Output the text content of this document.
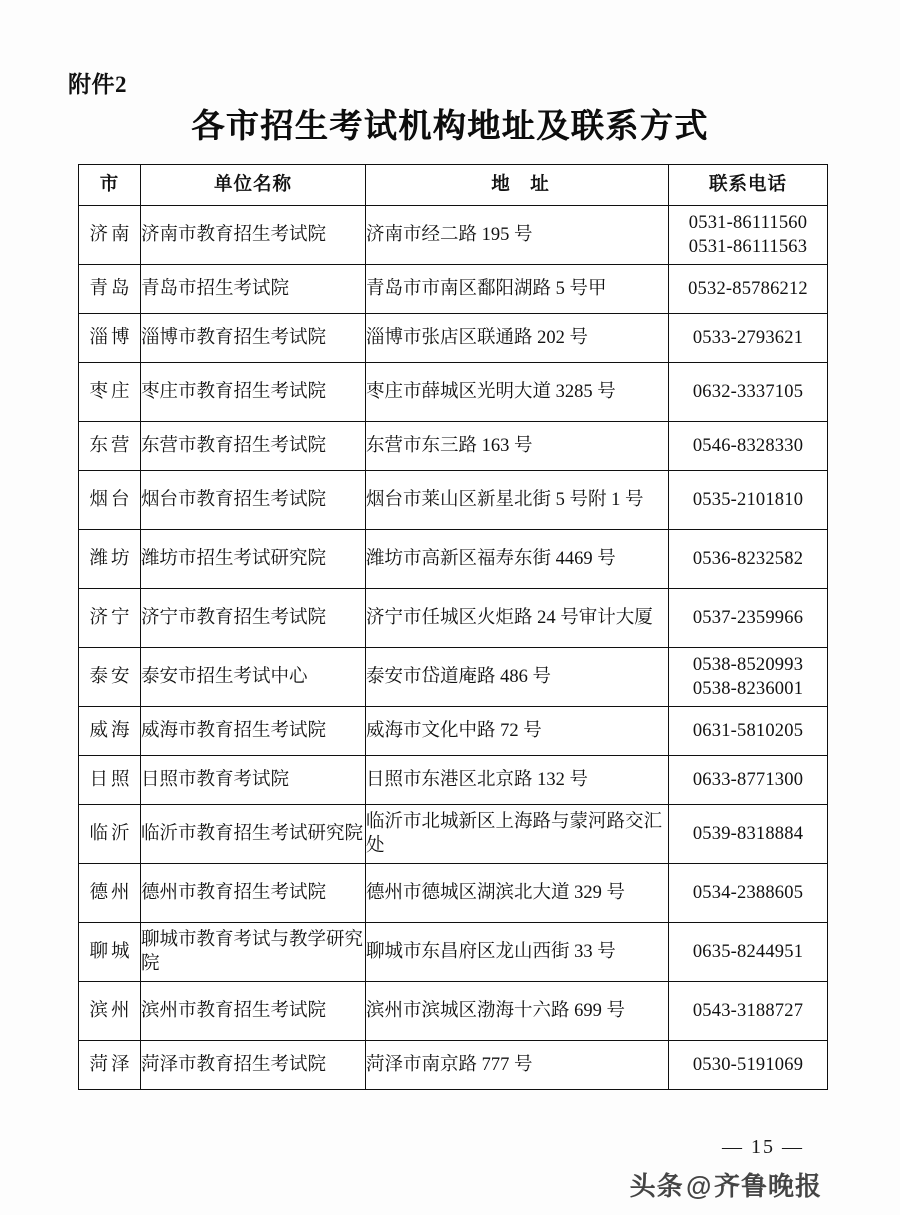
附件2
各市招生考试机构地址及联系方式
市	单位名称	地　址	联系电话
济南	济南市教育招生考试院	济南市经二路 195 号	0531-86111560
0531-86111563

青岛	青岛市招生考试院	青岛市市南区鄱阳湖路 5 号甲	0532-85786212

淄博	淄博市教育招生考试院	淄博市张店区联通路 202 号	0533-2793621

枣庄	枣庄市教育招生考试院	枣庄市薛城区光明大道 3285 号	0632-3337105

东营	东营市教育招生考试院	东营市东三路 163 号	0546-8328330

烟台	烟台市教育招生考试院	烟台市莱山区新星北街 5 号附 1 号	0535-2101810

潍坊	潍坊市招生考试研究院	潍坊市高新区福寿东街 4469 号	0536-8232582

济宁	济宁市教育招生考试院	济宁市任城区火炬路 24 号审计大厦	0537-2359966

泰安	泰安市招生考试中心	泰安市岱道庵路 486 号	0538-8520993
0538-8236001

威海	威海市教育招生考试院	威海市文化中路 72 号	0631-5810205

日照	日照市教育考试院	日照市东港区北京路 132 号	0633-8771300

临沂	临沂市教育招生考试研究院	临沂市北城新区上海路与蒙河路交汇处	0539-8318884

德州	德州市教育招生考试院	德州市德城区湖滨北大道 329 号	0534-2388605

聊城	聊城市教育考试与教学研究院	聊城市东昌府区龙山西街 33 号	0635-8244951

滨州	滨州市教育招生考试院	滨州市滨城区渤海十六路 699 号	0543-3188727

菏泽	菏泽市教育招生考试院	菏泽市南京路 777 号	0530-5191069
— 15 —
头条@齐鲁晚报
